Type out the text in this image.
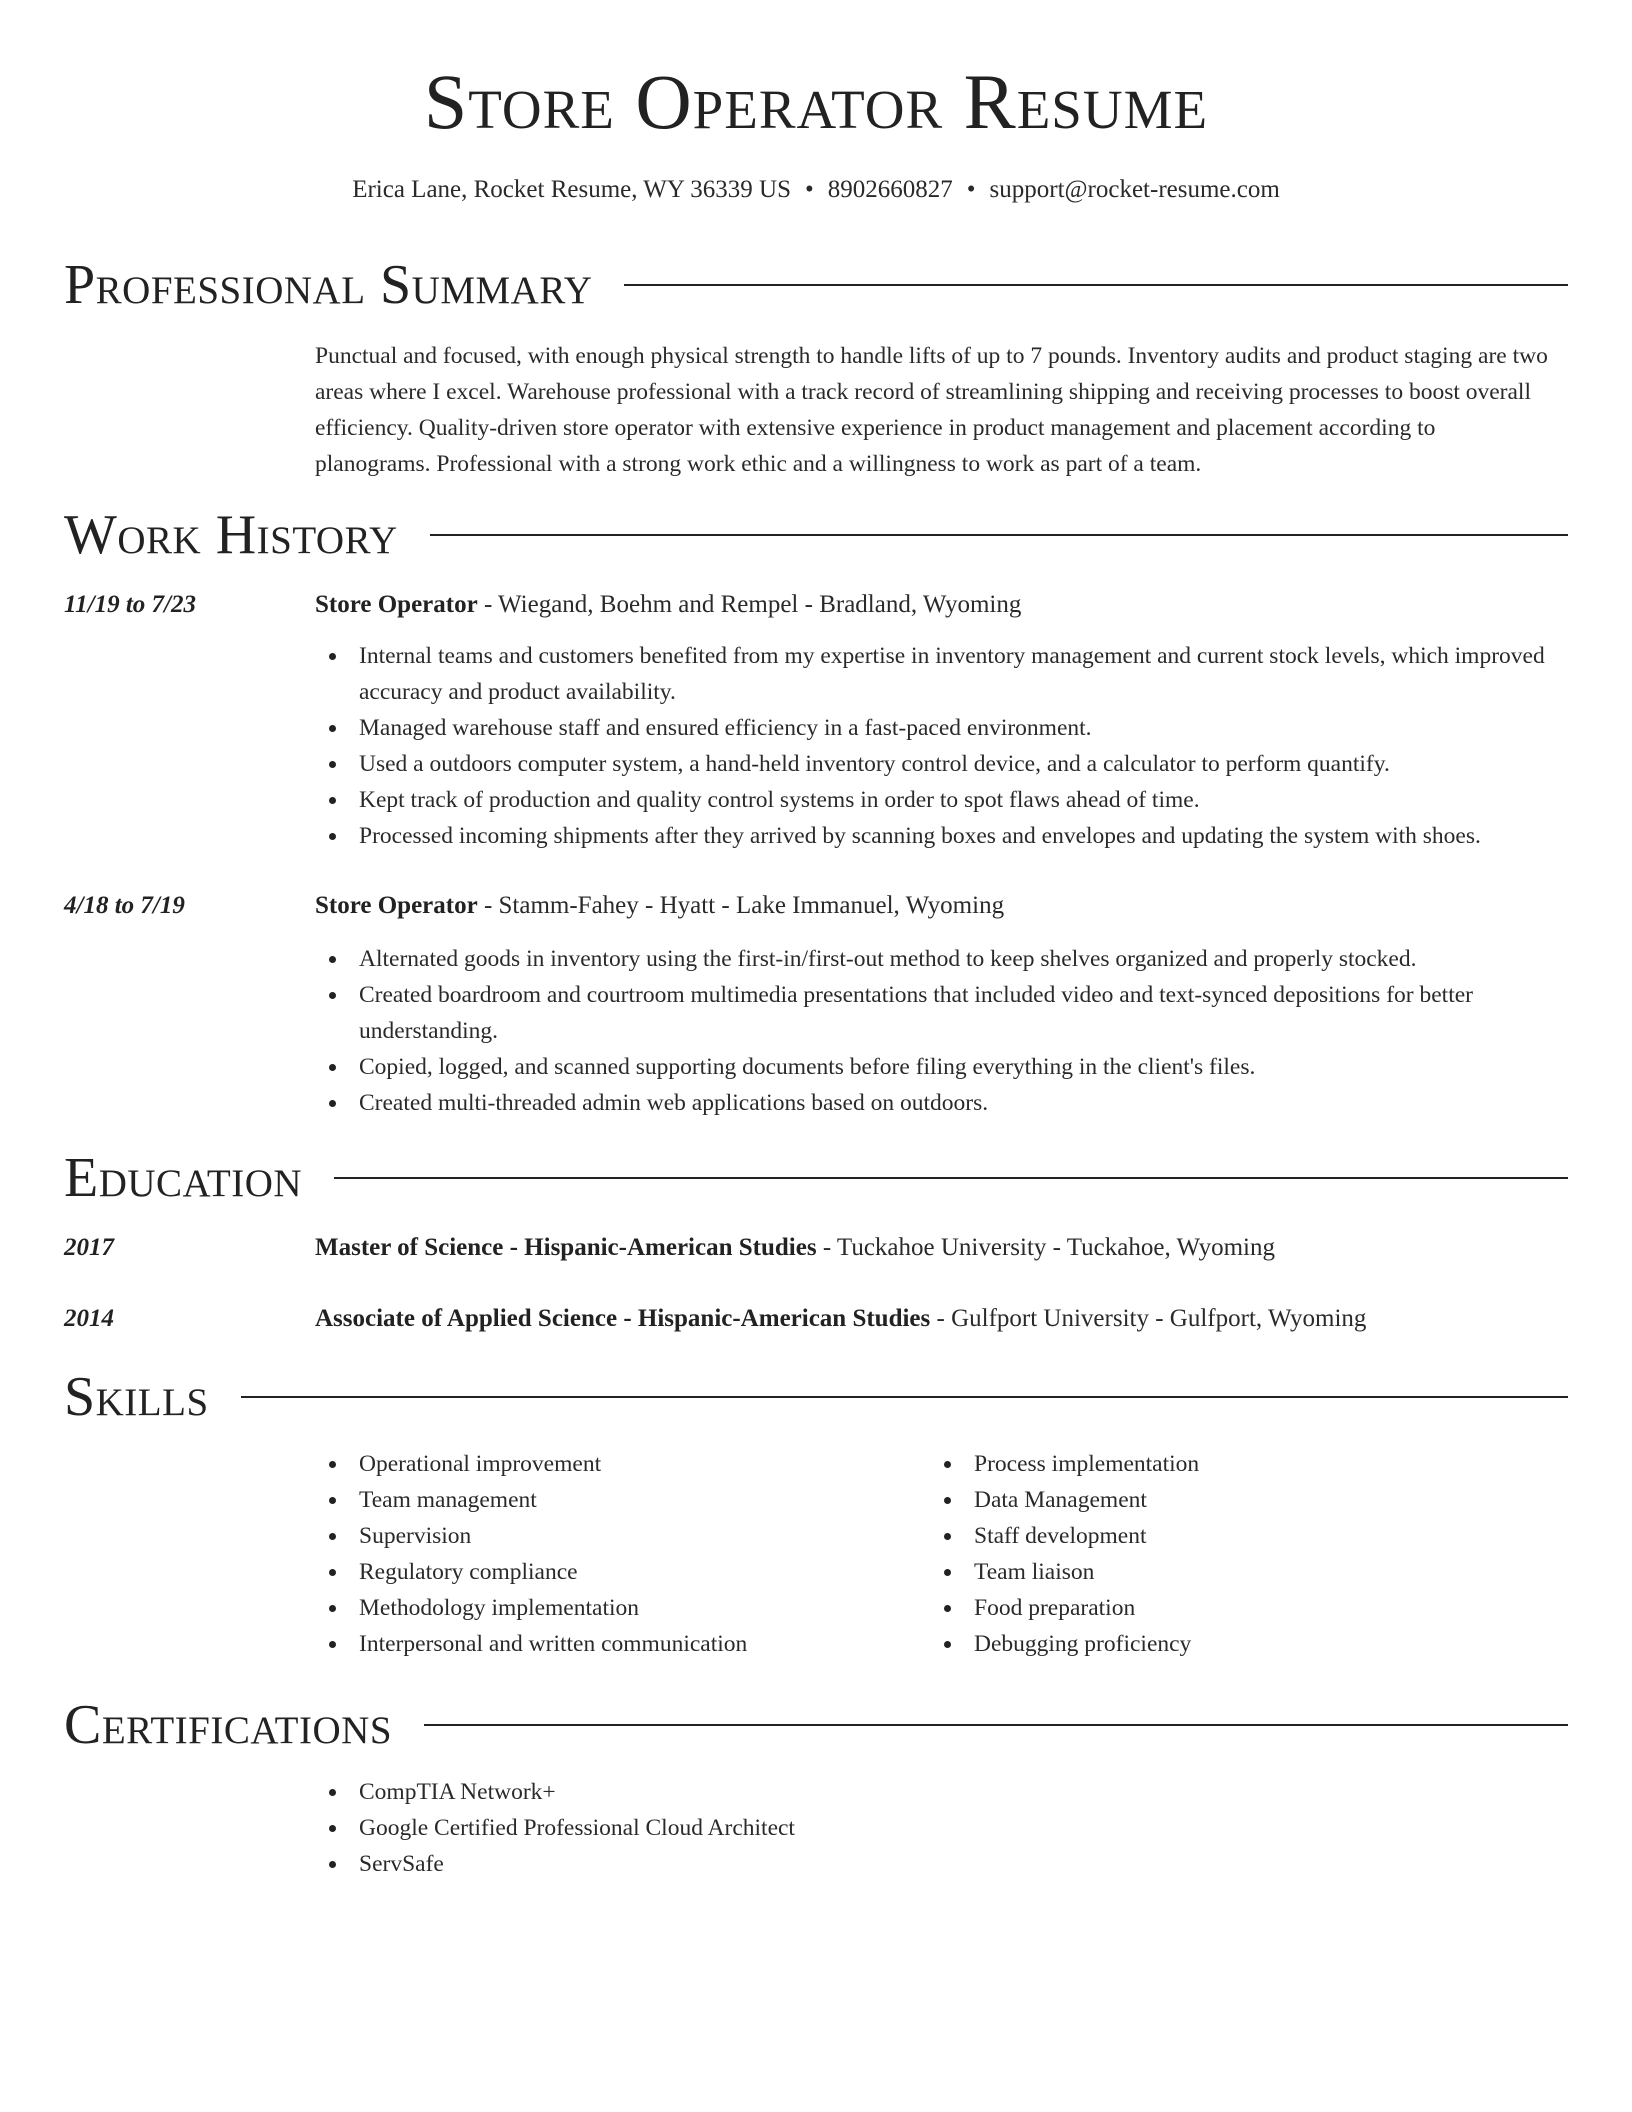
Store Operator Resume
Erica Lane, Rocket Resume, WY 36339 US • 8902660827 • support@rocket-resume.com
Professional Summary
Punctual and focused, with enough physical strength to handle lifts of up to 7 pounds. Inventory audits and product staging are two areas where I excel. Warehouse professional with a track record of streamlining shipping and receiving processes to boost overall efficiency. Quality-driven store operator with extensive experience in product management and placement according to planograms. Professional with a strong work ethic and a willingness to work as part of a team.
Work History
11/19 to 7/23	Store Operator - Wiegand, Boehm and Rempel - Bradland, Wyoming
Internal teams and customers benefited from my expertise in inventory management and current stock levels, which improved accuracy and product availability.
Managed warehouse staff and ensured efficiency in a fast-paced environment.
Used a outdoors computer system, a hand-held inventory control device, and a calculator to perform quantify.
Kept track of production and quality control systems in order to spot flaws ahead of time.
Processed incoming shipments after they arrived by scanning boxes and envelopes and updating the system with shoes.
4/18 to 7/19	Store Operator - Stamm-Fahey - Hyatt - Lake Immanuel, Wyoming
Alternated goods in inventory using the first-in/first-out method to keep shelves organized and properly stocked.
Created boardroom and courtroom multimedia presentations that included video and text-synced depositions for better understanding.
Copied, logged, and scanned supporting documents before filing everything in the client's files.
Created multi-threaded admin web applications based on outdoors.
Education
2017	Master of Science - Hispanic-American Studies - Tuckahoe University - Tuckahoe, Wyoming
2014	Associate of Applied Science - Hispanic-American Studies - Gulfport University - Gulfport, Wyoming
Skills
Operational improvement
Team management
Supervision
Regulatory compliance
Methodology implementation
Interpersonal and written communication
Process implementation
Data Management
Staff development
Team liaison
Food preparation
Debugging proficiency
Certifications
CompTIA Network+
Google Certified Professional Cloud Architect
ServSafe
